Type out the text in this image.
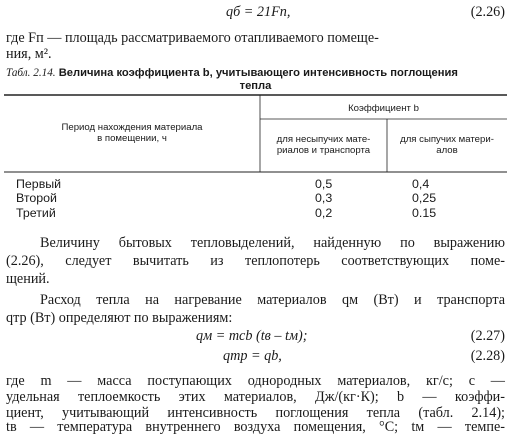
qб = 21Fп,	(2.26)
где Fп — площадь рассматриваемого отапливаемого помеще-
ния, м².
Табл. 2.14. Величина коэффициента b, учитывающего интенсивность поглощения
тепла
Период нахождения материала
в помещении, ч
Коэффициент b
для несыпучих мате-
риалов и транспорта
для сыпучих матери-
алов
Первый	0,5	0,4
Второй	0,3	0,25
Третий	0,2	0.15
Величину бытовых тепловыделений, найденную по выражению
(2.26), следует вычитать из теплопотерь соответствующих поме-
щений.
Расход тепла на нагревание материалов qм (Вт) и транспорта
qтр (Вт) определяют по выражениям:
qм = mcb (tв – tм);	(2.27)
qтр = qb,	(2.28)
где m — масса поступающих однородных материалов, кг/с; c —
удельная теплоемкость этих материалов, Дж/(кг·К); b — коэффи-
циент, учитывающий интенсивность поглощения тепла (табл. 2.14);
tв — температура внутреннего воздуха помещения, °C; tм — темпе-
